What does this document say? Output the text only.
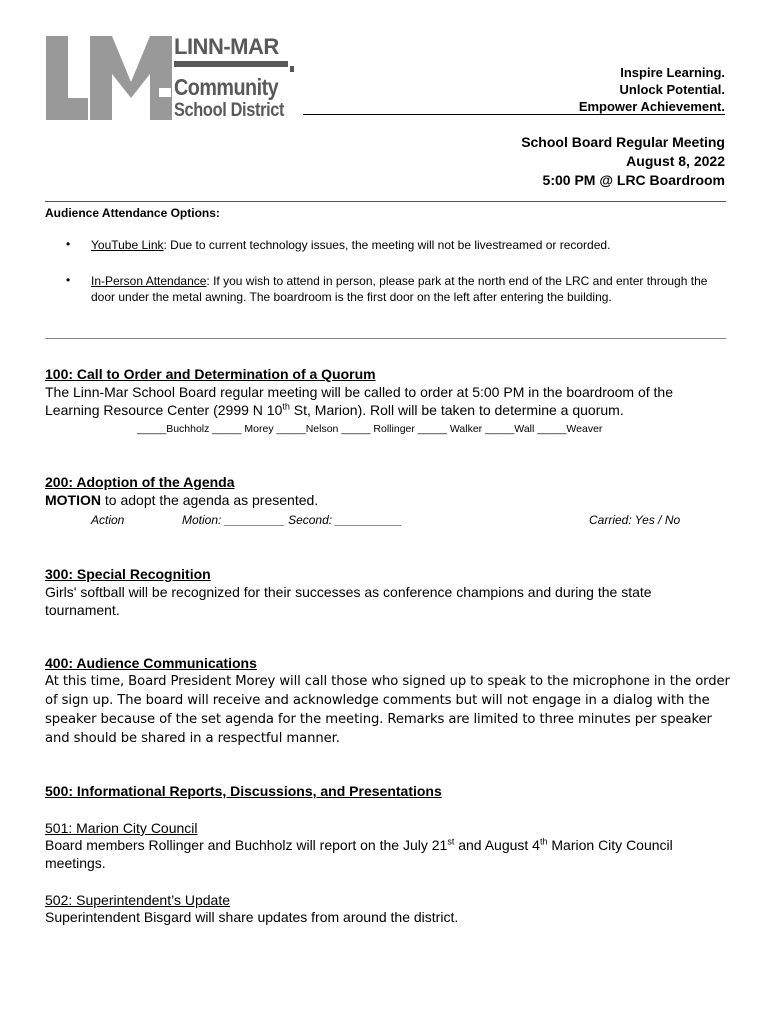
LINN-MAR
Community
School District
Inspire Learning.
Unlock Potential.
Empower Achievement.
School Board Regular Meeting
August 8, 2022
5:00 PM @ LRC Boardroom
Audience Attendance Options:
• YouTube Link: Due to current technology issues, the meeting will not be livestreamed or recorded.
• In-Person Attendance: If you wish to attend in person, please park at the north end of the LRC and enter through the door under the metal awning. The boardroom is the first door on the left after entering the building.
100: Call to Order and Determination of a Quorum
The Linn-Mar School Board regular meeting will be called to order at 5:00 PM in the boardroom of the Learning Resource Center (2999 N 10th St, Marion). Roll will be taken to determine a quorum.
_____Buchholz _____ Morey _____Nelson _____ Rollinger _____ Walker _____Wall _____Weaver
200: Adoption of the Agenda
MOTION to adopt the agenda as presented.
Action	Motion: _________ Second: __________	Carried: Yes / No
300: Special Recognition
Girls' softball will be recognized for their successes as conference champions and during the state tournament.
400: Audience Communications
At this time, Board President Morey will call those who signed up to speak to the microphone in the order of sign up. The board will receive and acknowledge comments but will not engage in a dialog with the speaker because of the set agenda for the meeting. Remarks are limited to three minutes per speaker and should be shared in a respectful manner.
500: Informational Reports, Discussions, and Presentations
501: Marion City Council
Board members Rollinger and Buchholz will report on the July 21st and August 4th Marion City Council meetings.
502: Superintendent’s Update
Superintendent Bisgard will share updates from around the district.
